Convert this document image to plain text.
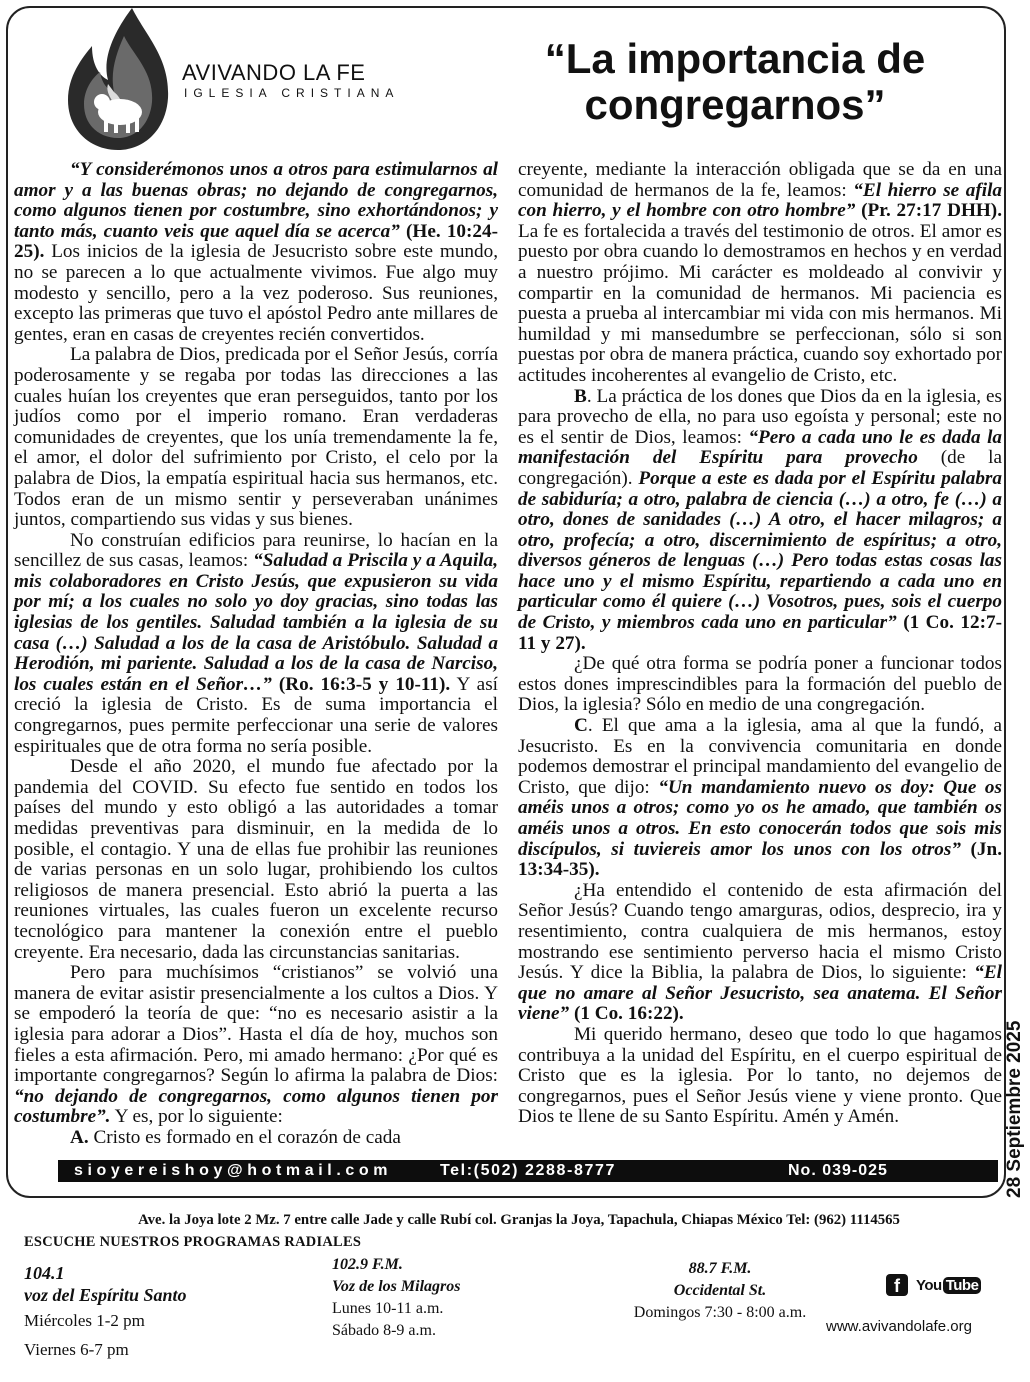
AVIVANDO LA FE
IGLESIA CRISTIANA
“La importancia de
congregarnos”

“Y considerémonos unos a otros para estimularnos al amor y a las buenas obras; no dejando de congregarnos, como algunos tienen por costumbre, sino exhortándonos; y tanto más, cuanto veis que aquel día se acerca” (He. 10:24-25). Los inicios de la iglesia de Jesucristo sobre este mundo, no se parecen a lo que actualmente vivimos. Fue algo muy modesto y sencillo, pero a la vez poderoso. Sus reuniones, excepto las primeras que tuvo el apóstol Pedro ante millares de gentes, eran en casas de creyentes recién convertidos.

La palabra de Dios, predicada por el Señor Jesús, corría poderosamente y se regaba por todas las direcciones a las cuales huían los creyentes que eran perseguidos, tanto por los judíos como por el imperio romano. Eran verdaderas comunidades de creyentes, que los unía tremendamente la fe, el amor, el dolor del sufrimiento por Cristo, el celo por la palabra de Dios, la empatía espiritual hacia sus hermanos, etc. Todos eran de un mismo sentir y perseveraban unánimes juntos, compartiendo sus vidas y sus bienes.

No construían edificios para reunirse, lo hacían en la sencillez de sus casas, leamos: “Saludad a Priscila y a Aquila, mis colaboradores en Cristo Jesús, que expusieron su vida por mí; a los cuales no solo yo doy gracias, sino todas las iglesias de los gentiles. Saludad también a la iglesia de su casa (…) Saludad a los de la casa de Aristóbulo. Saludad a Herodión, mi pariente. Saludad a los de la casa de Narciso, los cuales están en el Señor…” (Ro. 16:3-5 y 10-11). Y así creció la iglesia de Cristo. Es de suma importancia el congregarnos, pues permite perfeccionar una serie de valores espirituales que de otra forma no sería posible.

Desde el año 2020, el mundo fue afectado por la pandemia del COVID. Su efecto fue sentido en todos los países del mundo y esto obligó a las autoridades a tomar medidas preventivas para disminuir, en la medida de lo posible, el contagio. Y una de ellas fue prohibir las reuniones de varias personas en un solo lugar, prohibiendo los cultos religiosos de manera presencial. Esto abrió la puerta a las reuniones virtuales, las cuales fueron un excelente recurso tecnológico para mantener la conexión entre el pueblo creyente. Era necesario, dada las circunstancias sanitarias.

Pero para muchísimos “cristianos” se volvió una manera de evitar asistir presencialmente a los cultos a Dios. Y se empoderó la teoría de que: “no es necesario asistir a la iglesia para adorar a Dios”. Hasta el día de hoy, muchos son fieles a esta afirmación. Pero, mi amado hermano: ¿Por qué es importante congregarnos? Según lo afirma la palabra de Dios: “no dejando de congregarnos, como algunos tienen por costumbre”. Y es, por lo siguiente:

A. Cristo es formado en el corazón de cada

creyente, mediante la interacción obligada que se da en una comunidad de hermanos de la fe, leamos: “El hierro se afila con hierro, y el hombre con otro hombre” (Pr. 27:17 DHH). La fe es fortalecida a través del testimonio de otros. El amor es puesto por obra cuando lo demostramos en hechos y en verdad a nuestro prójimo. Mi carácter es moldeado al convivir y compartir en la comunidad de hermanos. Mi paciencia es puesta a prueba al intercambiar mi vida con mis hermanos. Mi humildad y mi mansedumbre se perfeccionan, sólo si son puestas por obra de manera práctica, cuando soy exhortado por actitudes incoherentes al evangelio de Cristo, etc.

B. La práctica de los dones que Dios da en la iglesia, es para provecho de ella, no para uso egoísta y personal; este no es el sentir de Dios, leamos: “Pero a cada uno le es dada la manifestación del Espíritu para provecho (de la congregación). Porque a este es dada por el Espíritu palabra de sabiduría; a otro, palabra de ciencia (…) a otro, fe (…) a otro, dones de sanidades (…) A otro, el hacer milagros; a otro, profecía; a otro, discernimiento de espíritus; a otro, diversos géneros de lenguas (…) Pero todas estas cosas las hace uno y el mismo Espíritu, repartiendo a cada uno en particular como él quiere (…) Vosotros, pues, sois el cuerpo de Cristo, y miembros cada uno en particular” (1 Co. 12:7-11 y 27).

¿De qué otra forma se podría poner a funcionar todos estos dones imprescindibles para la formación del pueblo de Dios, la iglesia? Sólo en medio de una congregación.

C. El que ama a la iglesia, ama al que la fundó, a Jesucristo. Es en la convivencia comunitaria en donde podemos demostrar el principal mandamiento del evangelio de Cristo, que dijo: “Un mandamiento nuevo os doy: Que os améis unos a otros; como yo os he amado, que también os améis unos a otros. En esto conocerán todos que sois mis discípulos, si tuviereis amor los unos con los otros” (Jn. 13:34-35).

¿Ha entendido el contenido de esta afirmación del Señor Jesús? Cuando tengo amarguras, odios, desprecio, ira y resentimiento, contra cualquiera de mis hermanos, estoy mostrando ese sentimiento perverso hacia el mismo Cristo Jesús. Y dice la Biblia, la palabra de Dios, lo siguiente: “El que no amare al Señor Jesucristo, sea anatema. El Señor viene” (1 Co. 16:22).

Mi querido hermano, deseo que todo lo que hagamos contribuya a la unidad del Espíritu, en el cuerpo espiritual de Cristo que es la iglesia. Por lo tanto, no dejemos de congregarnos, pues el Señor Jesús viene y viene pronto. Que Dios te llene de su Santo Espíritu. Amén y Amén.	28 Septiembre 2025
sioyereishoy@hotmail.com	Tel:(502) 2288-8777	No. 039-025
Ave. la Joya lote 2 Mz. 7 entre calle Jade y calle Rubí col. Granjas la Joya, Tapachula, Chiapas México Tel: (962) 1114565
ESCUCHE NUESTROS PROGRAMAS RADIALES
104.1
voz del Espíritu Santo
Miércoles 1-2 pm
Viernes 6-7 pm
102.9 F.M.
Voz de los Milagros
Lunes 10-11 a.m.
Sábado 8-9 a.m.
88.7 F.M.
Occidental St.
Domingos 7:30 - 8:00 a.m.
f	You Tube
www.avivandolafe.org
